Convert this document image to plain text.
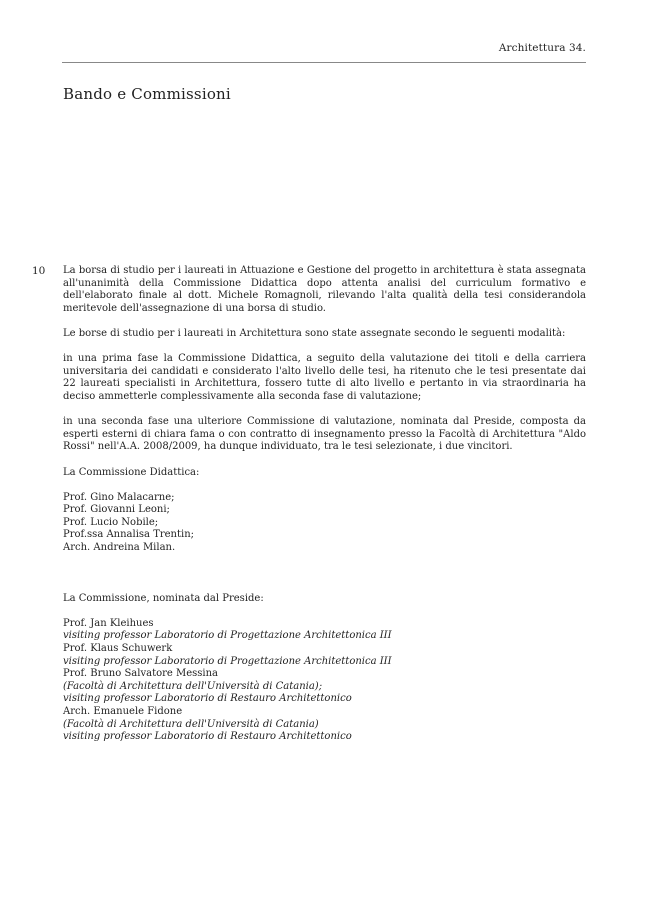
Architettura 34.
Bando e Commissioni
10 La borsa di studio per i laureati in Attuazione e Gestione del progetto in architettura è stata assegnata all'unanimità della Commissione Didattica dopo attenta analisi del curriculum formativo e dell'elaborato finale al dott. Michele Romagnoli, rilevando l'alta qualità della tesi considerandola meritevole dell'assegnazione di una borsa di studio.

Le borse di studio per i laureati in Architettura sono state assegnate secondo le seguenti modalità:

in una prima fase la Commissione Didattica, a seguito della valutazione dei titoli e della carriera universitaria dei candidati e considerato l'alto livello delle tesi, ha ritenuto che le tesi presentate dai 22 laureati specialisti in Architettura, fossero tutte di alto livello e pertanto in via straordinaria ha deciso ammetterle complessivamente alla seconda fase di valutazione;

in una seconda fase una ulteriore Commissione di valutazione, nominata dal Preside, composta da esperti esterni di chiara fama o con contratto di insegnamento presso la Facoltà di Architettura "Aldo Rossi" nell'A.A. 2008/2009, ha dunque individuato, tra le tesi selezionate, i due vincitori.

La Commissione Didattica:

Prof. Gino Malacarne;
Prof. Giovanni Leoni;
Prof. Lucio Nobile;
Prof.ssa Annalisa Trentin;
Arch. Andreina Milan.

La Commissione, nominata dal Preside:

Prof. Jan Kleihues
visiting professor Laboratorio di Progettazione Architettonica III
Prof. Klaus Schuwerk
visiting professor Laboratorio di Progettazione Architettonica III
Prof. Bruno Salvatore Messina
(Facoltà di Architettura dell'Università di Catania);
visiting professor Laboratorio di Restauro Architettonico
Arch. Emanuele Fidone
(Facoltà di Architettura dell'Università di Catania)
visiting professor Laboratorio di Restauro Architettonico
